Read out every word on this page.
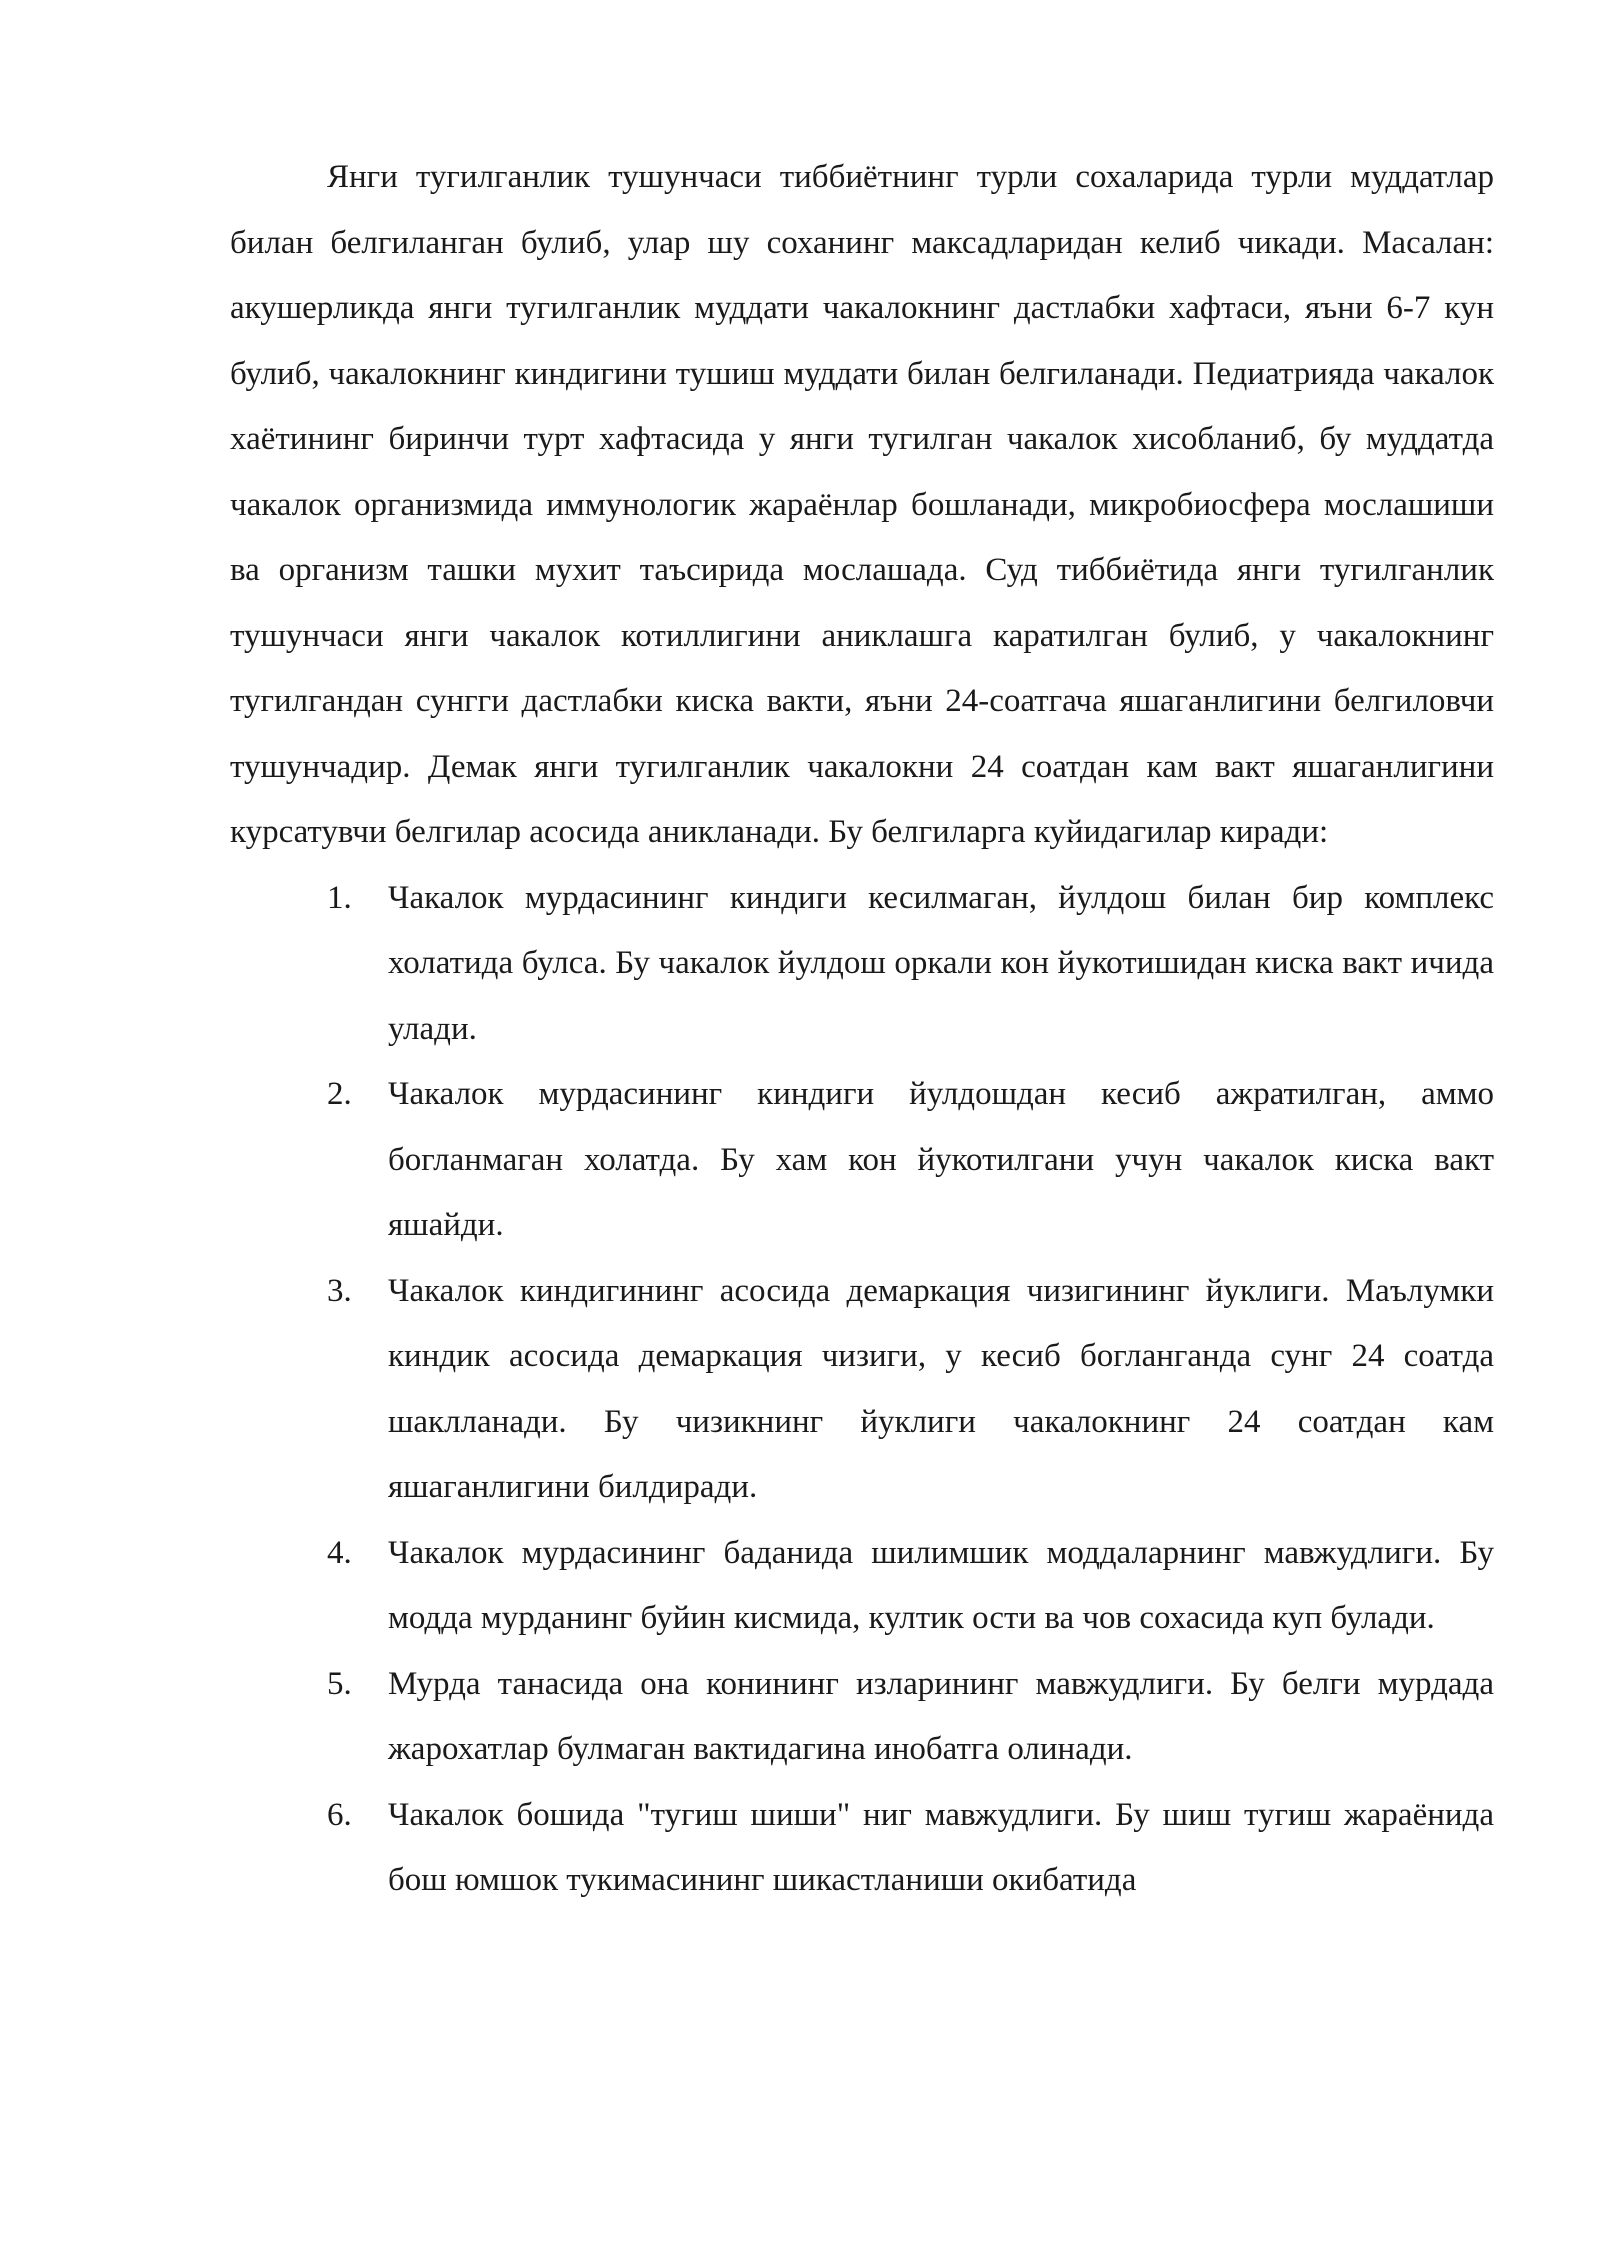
Янги тугилганлик тушунчаси тиббиётнинг турли сохаларида турли муддатлар билан белгиланган булиб, улар шу соханинг максадларидан келиб чикади. Масалан: акушерликда янги тугилганлик муддати чакалокнинг дастлабки хафтаси, яъни 6-7 кун булиб, чакалокнинг киндигини тушиш муддати билан белгиланади. Педиатрияда чакалок хаётининг биринчи турт хафтасида у янги тугилган чакалок хисобланиб, бу муддатда чакалок организмида иммунологик жараёнлар бошланади, микробиосфера мослашиши ва организм ташки мухит таъсирида мослашада. Суд тиббиётида янги тугилганлик тушунчаси янги чакалок котиллигини аниклашга каратилган булиб, у чакалокнинг тугилгандан сунгги дастлабки киска вакти, яъни 24-соатгача яшаганлигини белгиловчи тушунчадир. Демак янги тугилганлик чакалокни 24 соатдан кам вакт яшаганлигини курсатувчи белгилар асосида аникланади. Бу белгиларга куйидагилар киради:

1. Чакалок мурдасининг киндиги кесилмаган, йулдош билан бир комплекс холатида булса. Бу чакалок йулдош оркали кон йукотишидан киска вакт ичида улади.
2. Чакалок мурдасининг киндиги йулдошдан кесиб ажратилган, аммо богланмаган холатда. Бу хам кон йукотилгани учун чакалок киска вакт яшайди.
3. Чакалок киндигининг асосида демаркация чизигининг йуклиги. Маълумки киндик асосида демаркация чизиги, у кесиб богланганда сунг 24 соатда шаклланади. Бу чизикнинг йуклиги чакалокнинг 24 соатдан кам яшаганлигини билдиради.
4. Чакалок мурдасининг баданида шилимшик моддаларнинг мавжудлиги. Бу модда мурданинг буйин кисмида, култик ости ва чов сохасида куп булади.
5. Мурда танасида она конининг изларининг мавжудлиги. Бу белги мурдада жарохатлар булмаган вактидагина инобатга олинади.
6. Чакалок бошида "тугиш шиши" ниг мавжудлиги. Бу шиш тугиш жараёнида бош юмшок тукимасининг шикастланиши окибатида
